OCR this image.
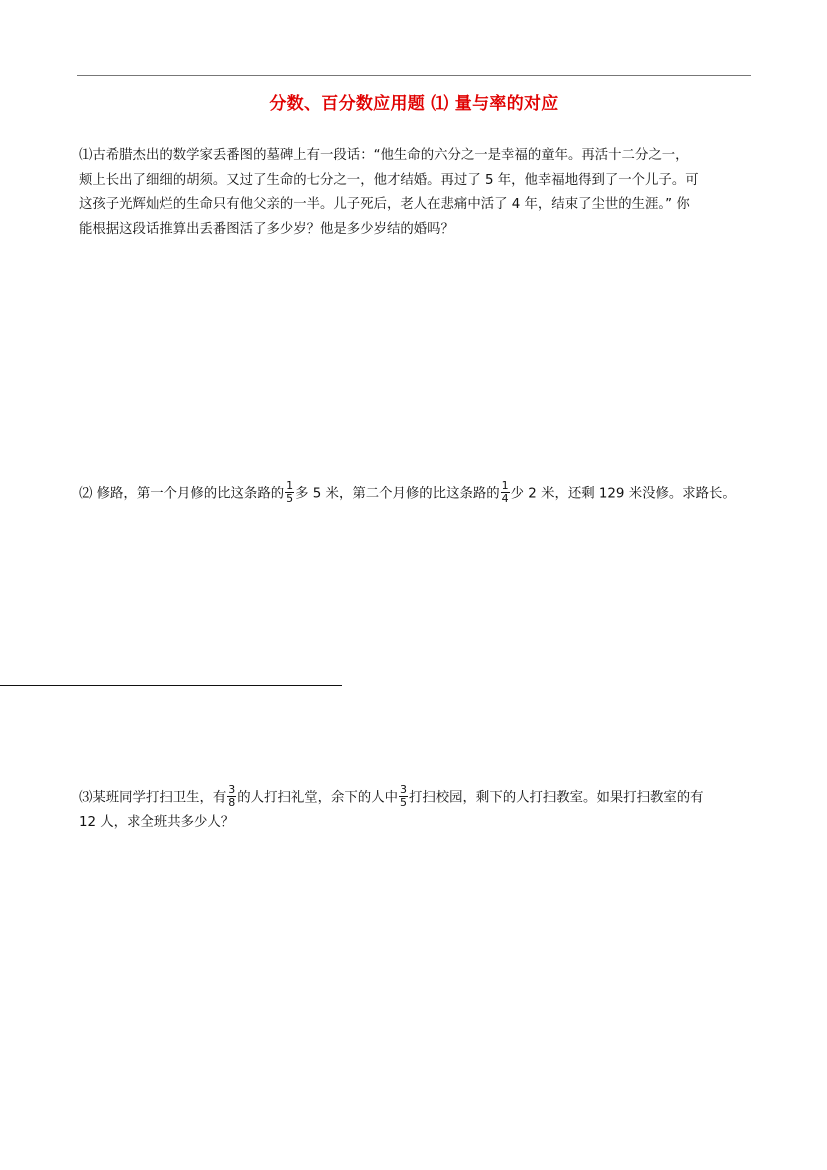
分数、百分数应用题 ⑴ 量与率的对应
⑴古希腊杰出的数学家丢番图的墓碑上有一段话：“他生命的六分之一是幸福的童年。再活十二分之一，
颊上长出了细细的胡须。又过了生命的七分之一，他才结婚。再过了 5 年，他幸福地得到了一个儿子。可
这孩子光辉灿烂的生命只有他父亲的一半。儿子死后，老人在悲痛中活了 4 年，结束了尘世的生涯。” 你
能根据这段话推算出丢番图活了多少岁？他是多少岁结的婚吗？
⑵ 修路，第一个月修的比这条路的 $\frac{1}{5}$ 多 5 米，第二个月修的比这条路的 $\frac{1}{4}$ 少 2 米，还剩 129 米没修。求路长。
⑶某班同学打扫卫生，有 $\frac{3}{8}$ 的人打扫礼堂，余下的人中 $\frac{3}{5}$ 打扫校园，剩下的人打扫教室。如果打扫教室的有
12 人，求全班共多少人？
